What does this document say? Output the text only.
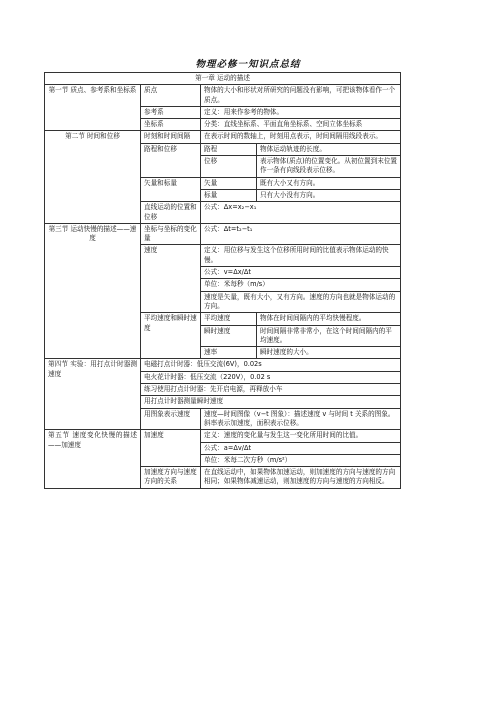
物理必修一知识点总结
第一章 运动的描述			
第一节 质点、参考系和坐标系	质点	物体的大小和形状对所研究的问题没有影响，可把该物体看作一个质点。	
	参考系	定义：用来作参考的物体。	
	坐标系	分类：直线坐标系、平面直角坐标系、空间立体坐标系	
第二节 时间和位移	时刻和时间间隔	在表示时间的数轴上，时刻用点表示，时间间隔用线段表示。	
	路程和位移	路程	物体运动轨迹的长度。
		位移	表示物体(质点)的位置变化。从初位置到末位置作一条有向线段表示位移。
	矢量和标量	矢量	既有大小又有方向。
		标量	只有大小没有方向。
	直线运动的位置和位移	公式：Δx=x₂−x₁	

第三节 运动快慢的描述——速度	坐标与坐标的变化量	公式：Δt=t₂−t₁	
	速度	定义：用位移与发生这个位移所用时间的比值表示物体运动的快慢。	
		公式：v=Δx/Δt	
		单位：米每秒（m/s）	
		速度是矢量，既有大小，又有方向。速度的方向也就是物体运动的方向。	
	平均速度和瞬时速度	平均速度	物体在时间间隔内的平均快慢程度。
		瞬时速度	时间间隔非常非常小，在这个时间间隔内的平均速度。
		速率	瞬时速度的大小。
第四节 实验：用打点计时器测速度	电磁打点计时器：低压交流(6V)，0.02s		
	电火花计时器：低压交流（220V），0.02 s		
	练习使用打点计时器：先开启电源，再释放小车		
	用打点计时器测量瞬时速度		
	用图象表示速度	速度—时间图像（v−t 图象）：描述速度 v 与时间 t 关系的图象。斜率表示加速度，面积表示位移。	
第五节 速度变化快慢的描述——加速度	加速度	定义：速度的变化量与发生这一变化所用时间的比值。	
		公式：a=Δv/Δt	
		单位：米每二次方秒（m/s²）	
	加速度方向与速度方向的关系	在直线运动中，如果物体加速运动，则加速度的方向与速度的方向相同；如果物体减速运动，则加速度的方向与速度的方向相反。	
